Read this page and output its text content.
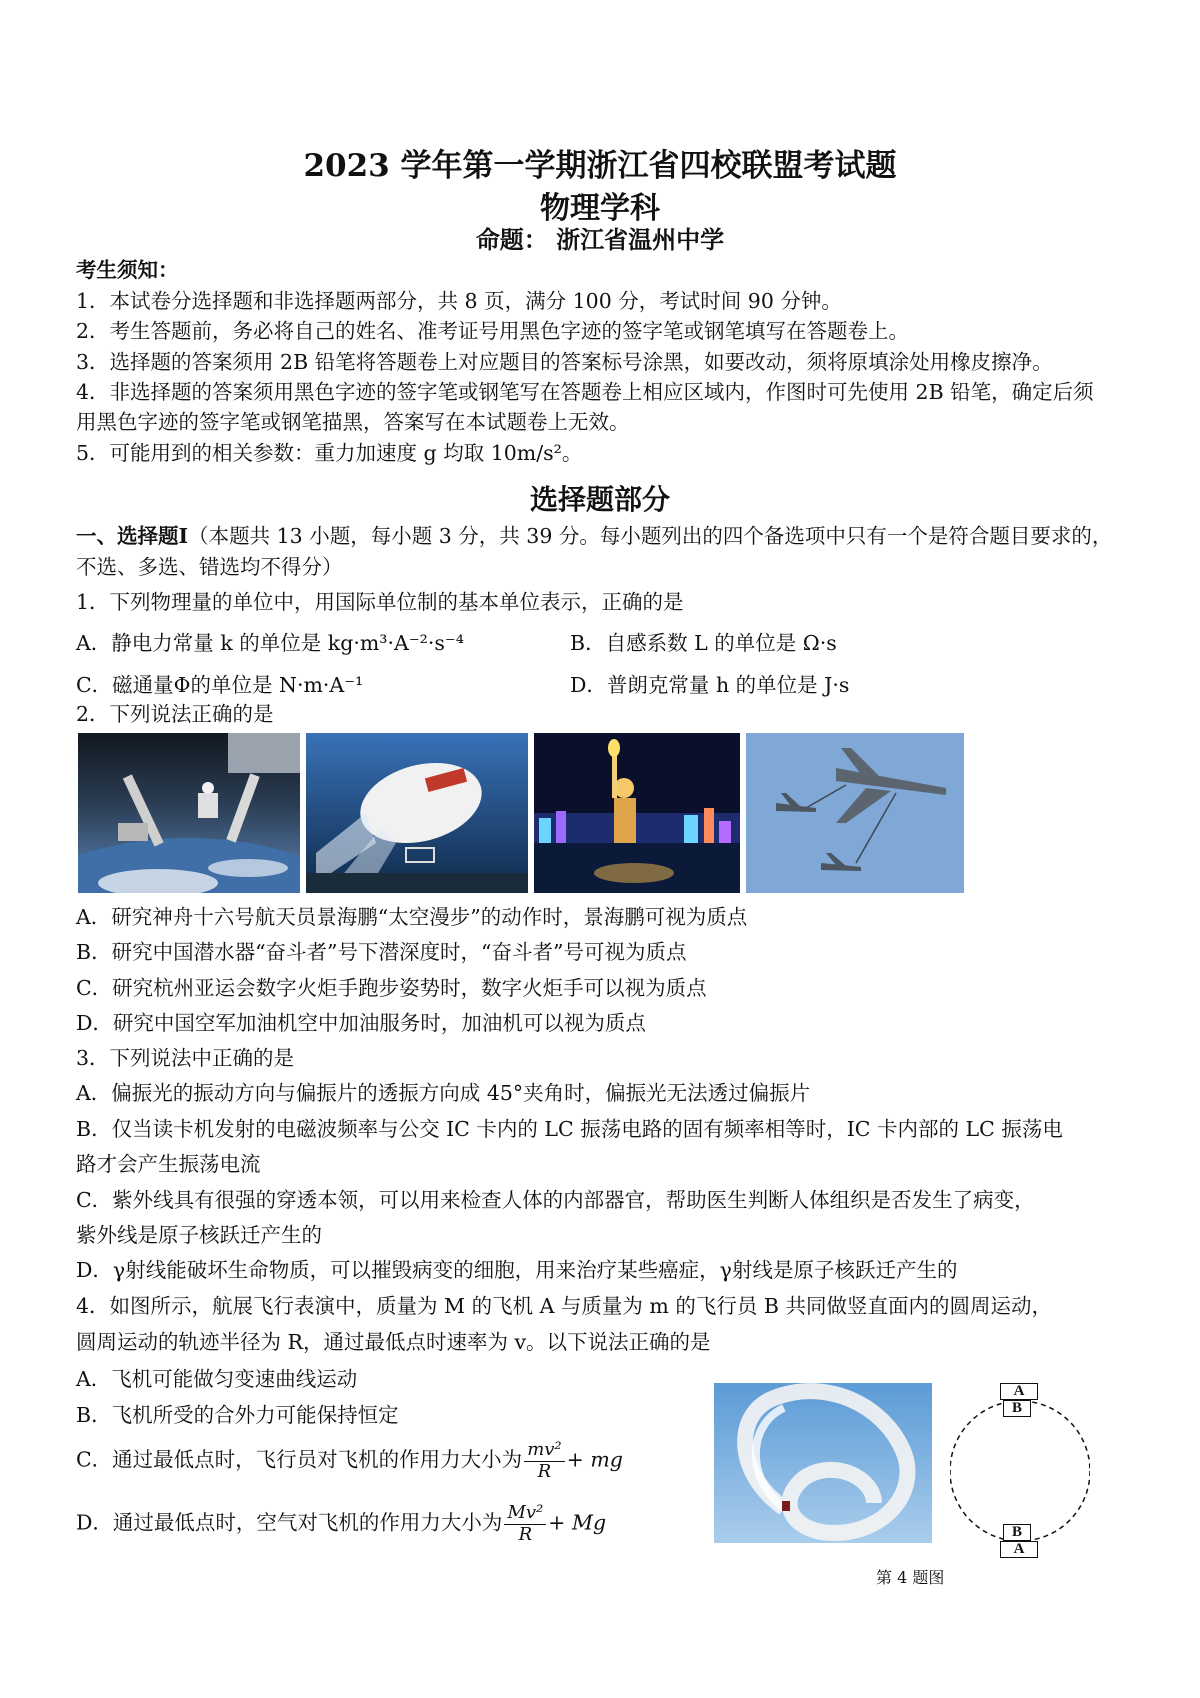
2023 学年第一学期浙江省四校联盟考试题
物理学科
命题： 浙江省温州中学
考生须知：
1．本试卷分选择题和非选择题两部分，共 8 页，满分 100 分，考试时间 90 分钟。
2．考生答题前，务必将自己的姓名、准考证号用黑色字迹的签字笔或钢笔填写在答题卷上。
3．选择题的答案须用 2B 铅笔将答题卷上对应题目的答案标号涂黑，如要改动，须将原填涂处用橡皮擦净。
4．非选择题的答案须用黑色字迹的签字笔或钢笔写在答题卷上相应区域内，作图时可先使用 2B 铅笔，确定后须
用黑色字迹的签字笔或钢笔描黑，答案写在本试题卷上无效。
5．可能用到的相关参数：重力加速度 g 均取 10m/s²。
选择题部分
一、选择题Ⅰ（本题共 13 小题，每小题 3 分，共 39 分。每小题列出的四个备选项中只有一个是符合题目要求的，
不选、多选、错选均不得分）
1．下列物理量的单位中，用国际单位制的基本单位表示，正确的是
A．静电力常量 k 的单位是 kg·m³·A⁻²·s⁻⁴	B．自感系数 L 的单位是 Ω·s
C．磁通量Φ的单位是 N·m·A⁻¹	D．普朗克常量 h 的单位是 J·s
2．下列说法正确的是
A．研究神舟十六号航天员景海鹏“太空漫步”的动作时，景海鹏可视为质点
B．研究中国潜水器“奋斗者”号下潜深度时，“奋斗者”号可视为质点
C．研究杭州亚运会数字火炬手跑步姿势时，数字火炬手可以视为质点
D．研究中国空军加油机空中加油服务时，加油机可以视为质点
3．下列说法中正确的是
A．偏振光的振动方向与偏振片的透振方向成 45°夹角时，偏振光无法透过偏振片
B．仅当读卡机发射的电磁波频率与公交 IC 卡内的 LC 振荡电路的固有频率相等时，IC 卡内部的 LC 振荡电
路才会产生振荡电流
C．紫外线具有很强的穿透本领，可以用来检查人体的内部器官，帮助医生判断人体组织是否发生了病变，
紫外线是原子核跃迁产生的
D．γ射线能破坏生命物质，可以摧毁病变的细胞，用来治疗某些癌症，γ射线是原子核跃迁产生的
4．如图所示，航展飞行表演中，质量为 M 的飞机 A 与质量为 m 的飞行员 B 共同做竖直面内的圆周运动，
圆周运动的轨迹半径为 R，通过最低点时速率为 v。以下说法正确的是
A．飞机可能做匀变速曲线运动
B．飞机所受的合外力可能保持恒定
C．通过最低点时，飞行员对飞机的作用力大小为 $\frac{\text{mv²}}{R}$ + mg
D．通过最低点时，空气对飞机的作用力大小为 $\frac{\text{Mv²}}{R} + Mg$
A
B
B
A
第 4 题图
